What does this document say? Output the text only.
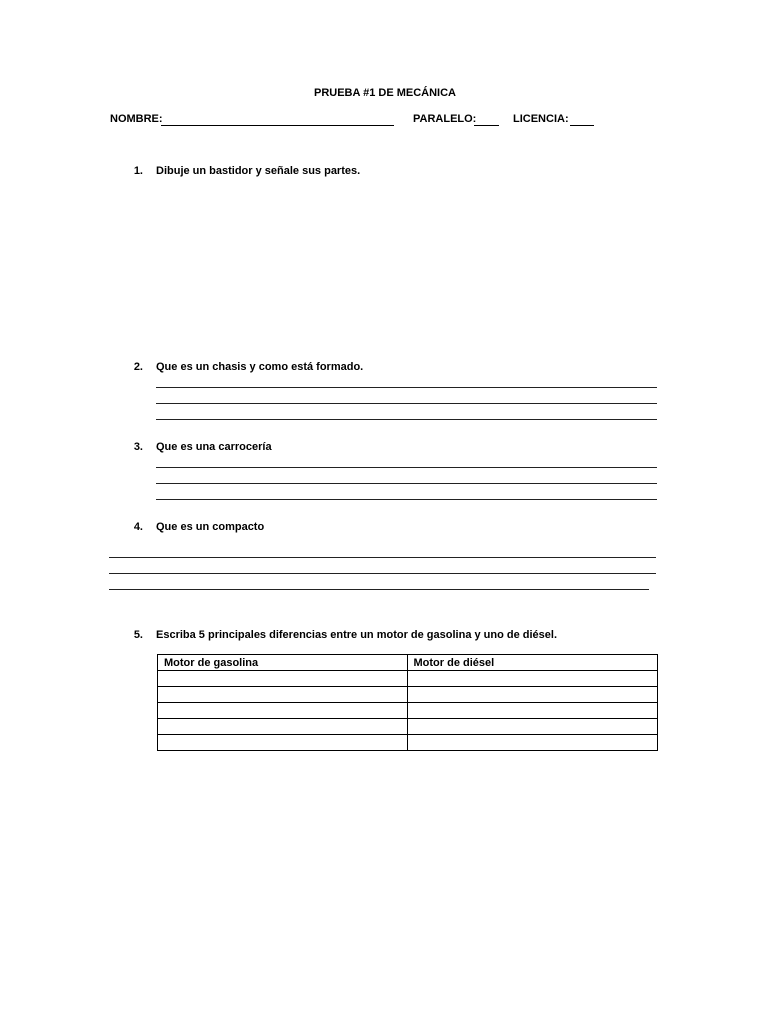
PRUEBA #1 DE MECÁNICA
NOMBRE:	PARALELO:	LICENCIA:
1. Dibuje un bastidor y señale sus partes.
2. Que es un chasis y como está formado.
3. Que es una carrocería
4. Que es un compacto
5. Escriba 5 principales diferencias entre un motor de gasolina y uno de diésel.
Motor de gasolina	Motor de diésel
